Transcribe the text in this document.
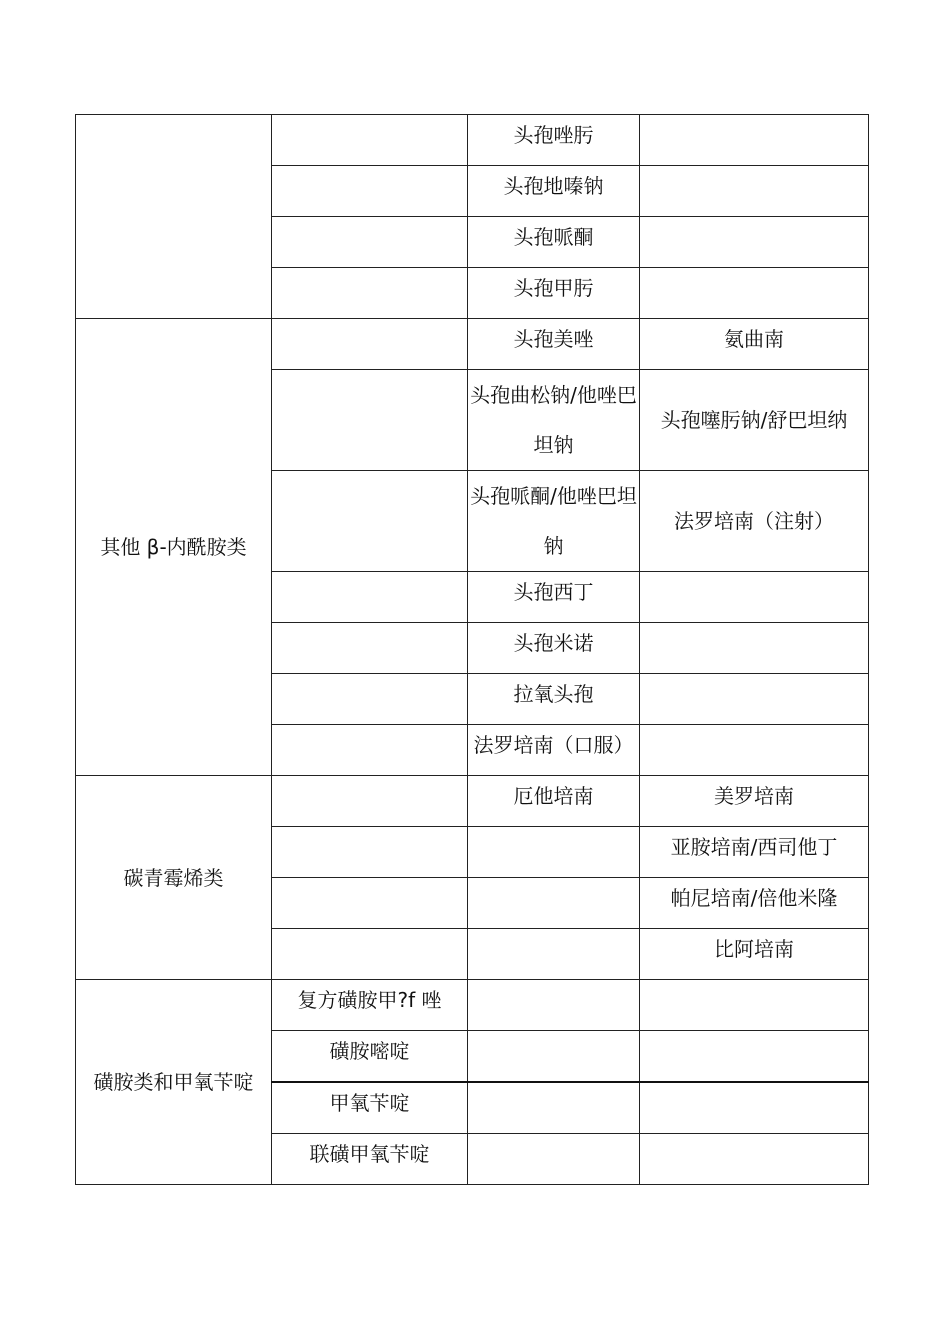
		头孢唑肟	
		头孢地嗪钠	
		头孢哌酮	
		头孢甲肟	
其他 β-内酰胺类		头孢美唑	氨曲南
		头孢曲松钠/他唑巴坦钠	头孢噻肟钠/舒巴坦纳
		头孢哌酮/他唑巴坦钠	法罗培南（注射）
		头孢西丁	
		头孢米诺	
		拉氧头孢	
		法罗培南（口服）	
碳青霉烯类		厄他培南	美罗培南
			亚胺培南/西司他丁
			帕尼培南/倍他米隆
			比阿培南
磺胺类和甲氧苄啶	复方磺胺甲?f 唑		
	磺胺嘧啶		
	甲氧苄啶		
	联磺甲氧苄啶		
